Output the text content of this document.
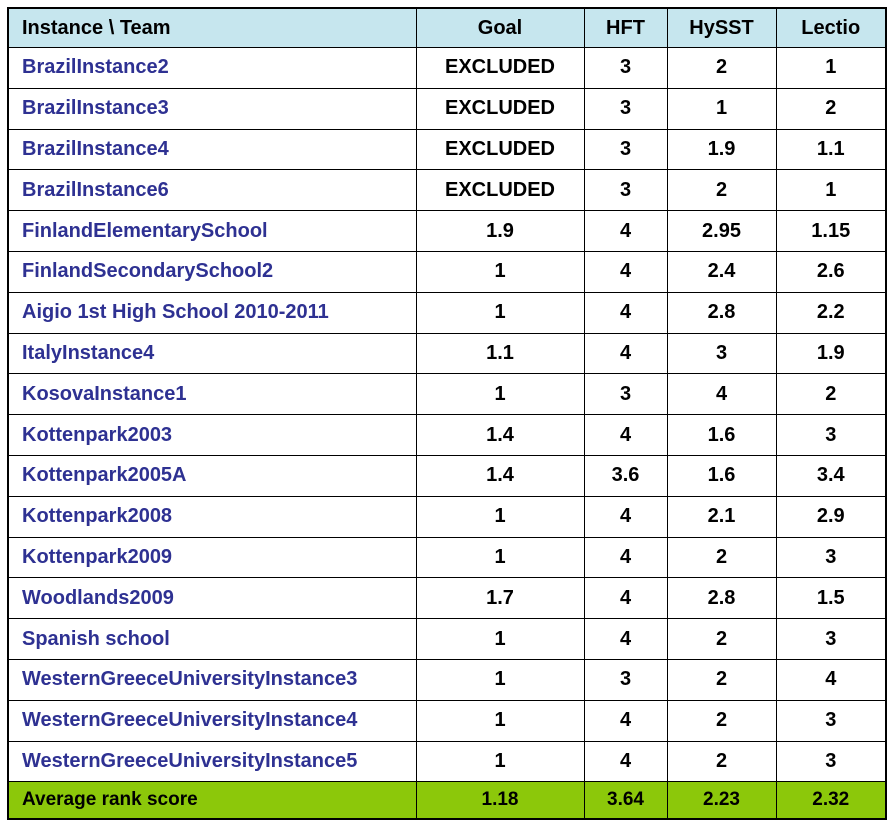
Instance \ Team	Goal	HFT	HySST	Lectio
BrazilInstance2	EXCLUDED	3	2	1
BrazilInstance3	EXCLUDED	3	1	2
BrazilInstance4	EXCLUDED	3	1.9	1.1
BrazilInstance6	EXCLUDED	3	2	1
FinlandElementarySchool	1.9	4	2.95	1.15
FinlandSecondarySchool2	1	4	2.4	2.6
Aigio 1st High School 2010-2011	1	4	2.8	2.2
ItalyInstance4	1.1	4	3	1.9
KosovaInstance1	1	3	4	2
Kottenpark2003	1.4	4	1.6	3
Kottenpark2005A	1.4	3.6	1.6	3.4
Kottenpark2008	1	4	2.1	2.9
Kottenpark2009	1	4	2	3
Woodlands2009	1.7	4	2.8	1.5
Spanish school	1	4	2	3
WesternGreeceUniversityInstance3	1	3	2	4
WesternGreeceUniversityInstance4	1	4	2	3
WesternGreeceUniversityInstance5	1	4	2	3
Average rank score	1.18	3.64	2.23	2.32
